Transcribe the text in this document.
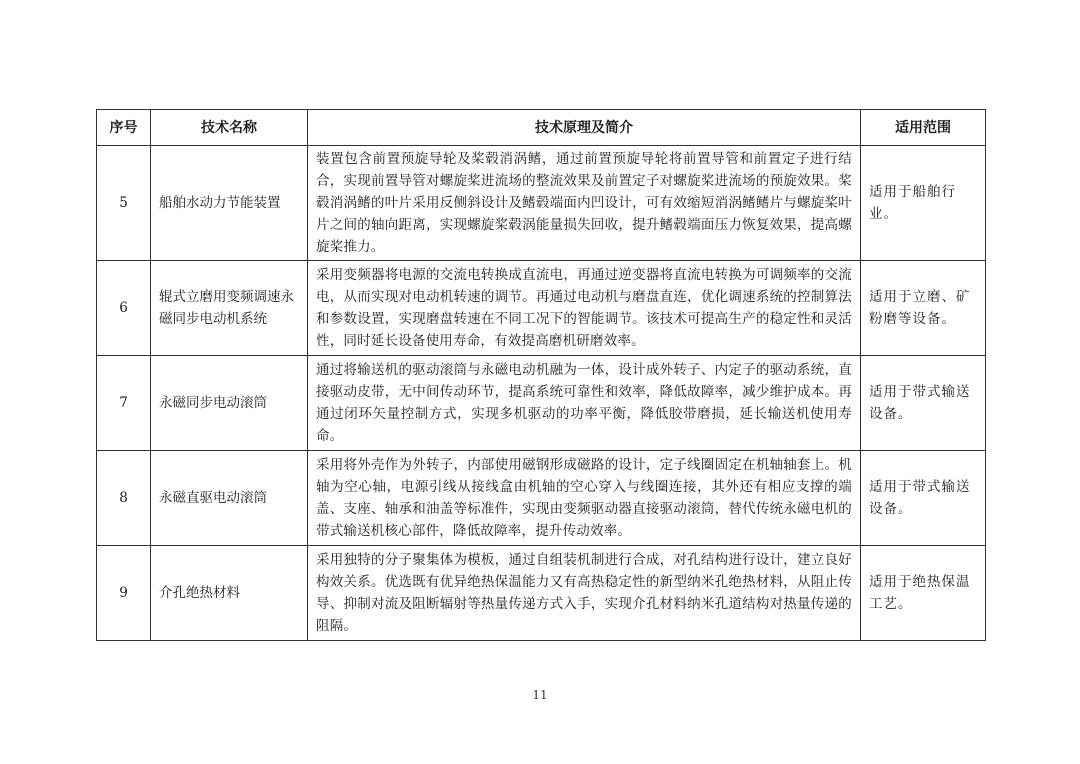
序号	技术名称	技术原理及简介	适用范围
5	船舶水动力节能装置	装置包含前置预旋导轮及桨毂消涡鳍，通过前置预旋导轮将前置导管和前置定子进行结合，实现前置导管对螺旋桨进流场的整流效果及前置定子对螺旋桨进流场的预旋效果。桨毂消涡鳍的叶片采用反侧斜设计及鳍毂端面内凹设计，可有效缩短消涡鳍鳍片与螺旋桨叶片之间的轴向距离，实现螺旋桨毂涡能量损失回收，提升鳍毂端面压力恢复效果，提高螺旋桨推力。	适用于船舶行业。
6	辊式立磨用变频调速永磁同步电动机系统	采用变频器将电源的交流电转换成直流电，再通过逆变器将直流电转换为可调频率的交流电，从而实现对电动机转速的调节。再通过电动机与磨盘直连，优化调速系统的控制算法和参数设置，实现磨盘转速在不同工况下的智能调节。该技术可提高生产的稳定性和灵活性，同时延长设备使用寿命，有效提高磨机研磨效率。	适用于立磨、矿粉磨等设备。
7	永磁同步电动滚筒	通过将输送机的驱动滚筒与永磁电动机融为一体，设计成外转子、内定子的驱动系统，直接驱动皮带，无中间传动环节，提高系统可靠性和效率，降低故障率，减少维护成本。再通过闭环矢量控制方式，实现多机驱动的功率平衡，降低胶带磨损，延长输送机使用寿命。	适用于带式输送设备。
8	永磁直驱电动滚筒	采用将外壳作为外转子，内部使用磁钢形成磁路的设计，定子线圈固定在机轴轴套上。机轴为空心轴，电源引线从接线盒由机轴的空心穿入与线圈连接，其外还有相应支撑的端盖、支座、轴承和油盖等标准件，实现由变频驱动器直接驱动滚筒，替代传统永磁电机的带式输送机核心部件，降低故障率，提升传动效率。	适用于带式输送设备。
9	介孔绝热材料	采用独特的分子聚集体为模板，通过自组装机制进行合成，对孔结构进行设计，建立良好构效关系。优选既有优异绝热保温能力又有高热稳定性的新型纳米孔绝热材料，从阻止传导、抑制对流及阻断辐射等热量传递方式入手，实现介孔材料纳米孔道结构对热量传递的阻隔。	适用于绝热保温工艺。
11
